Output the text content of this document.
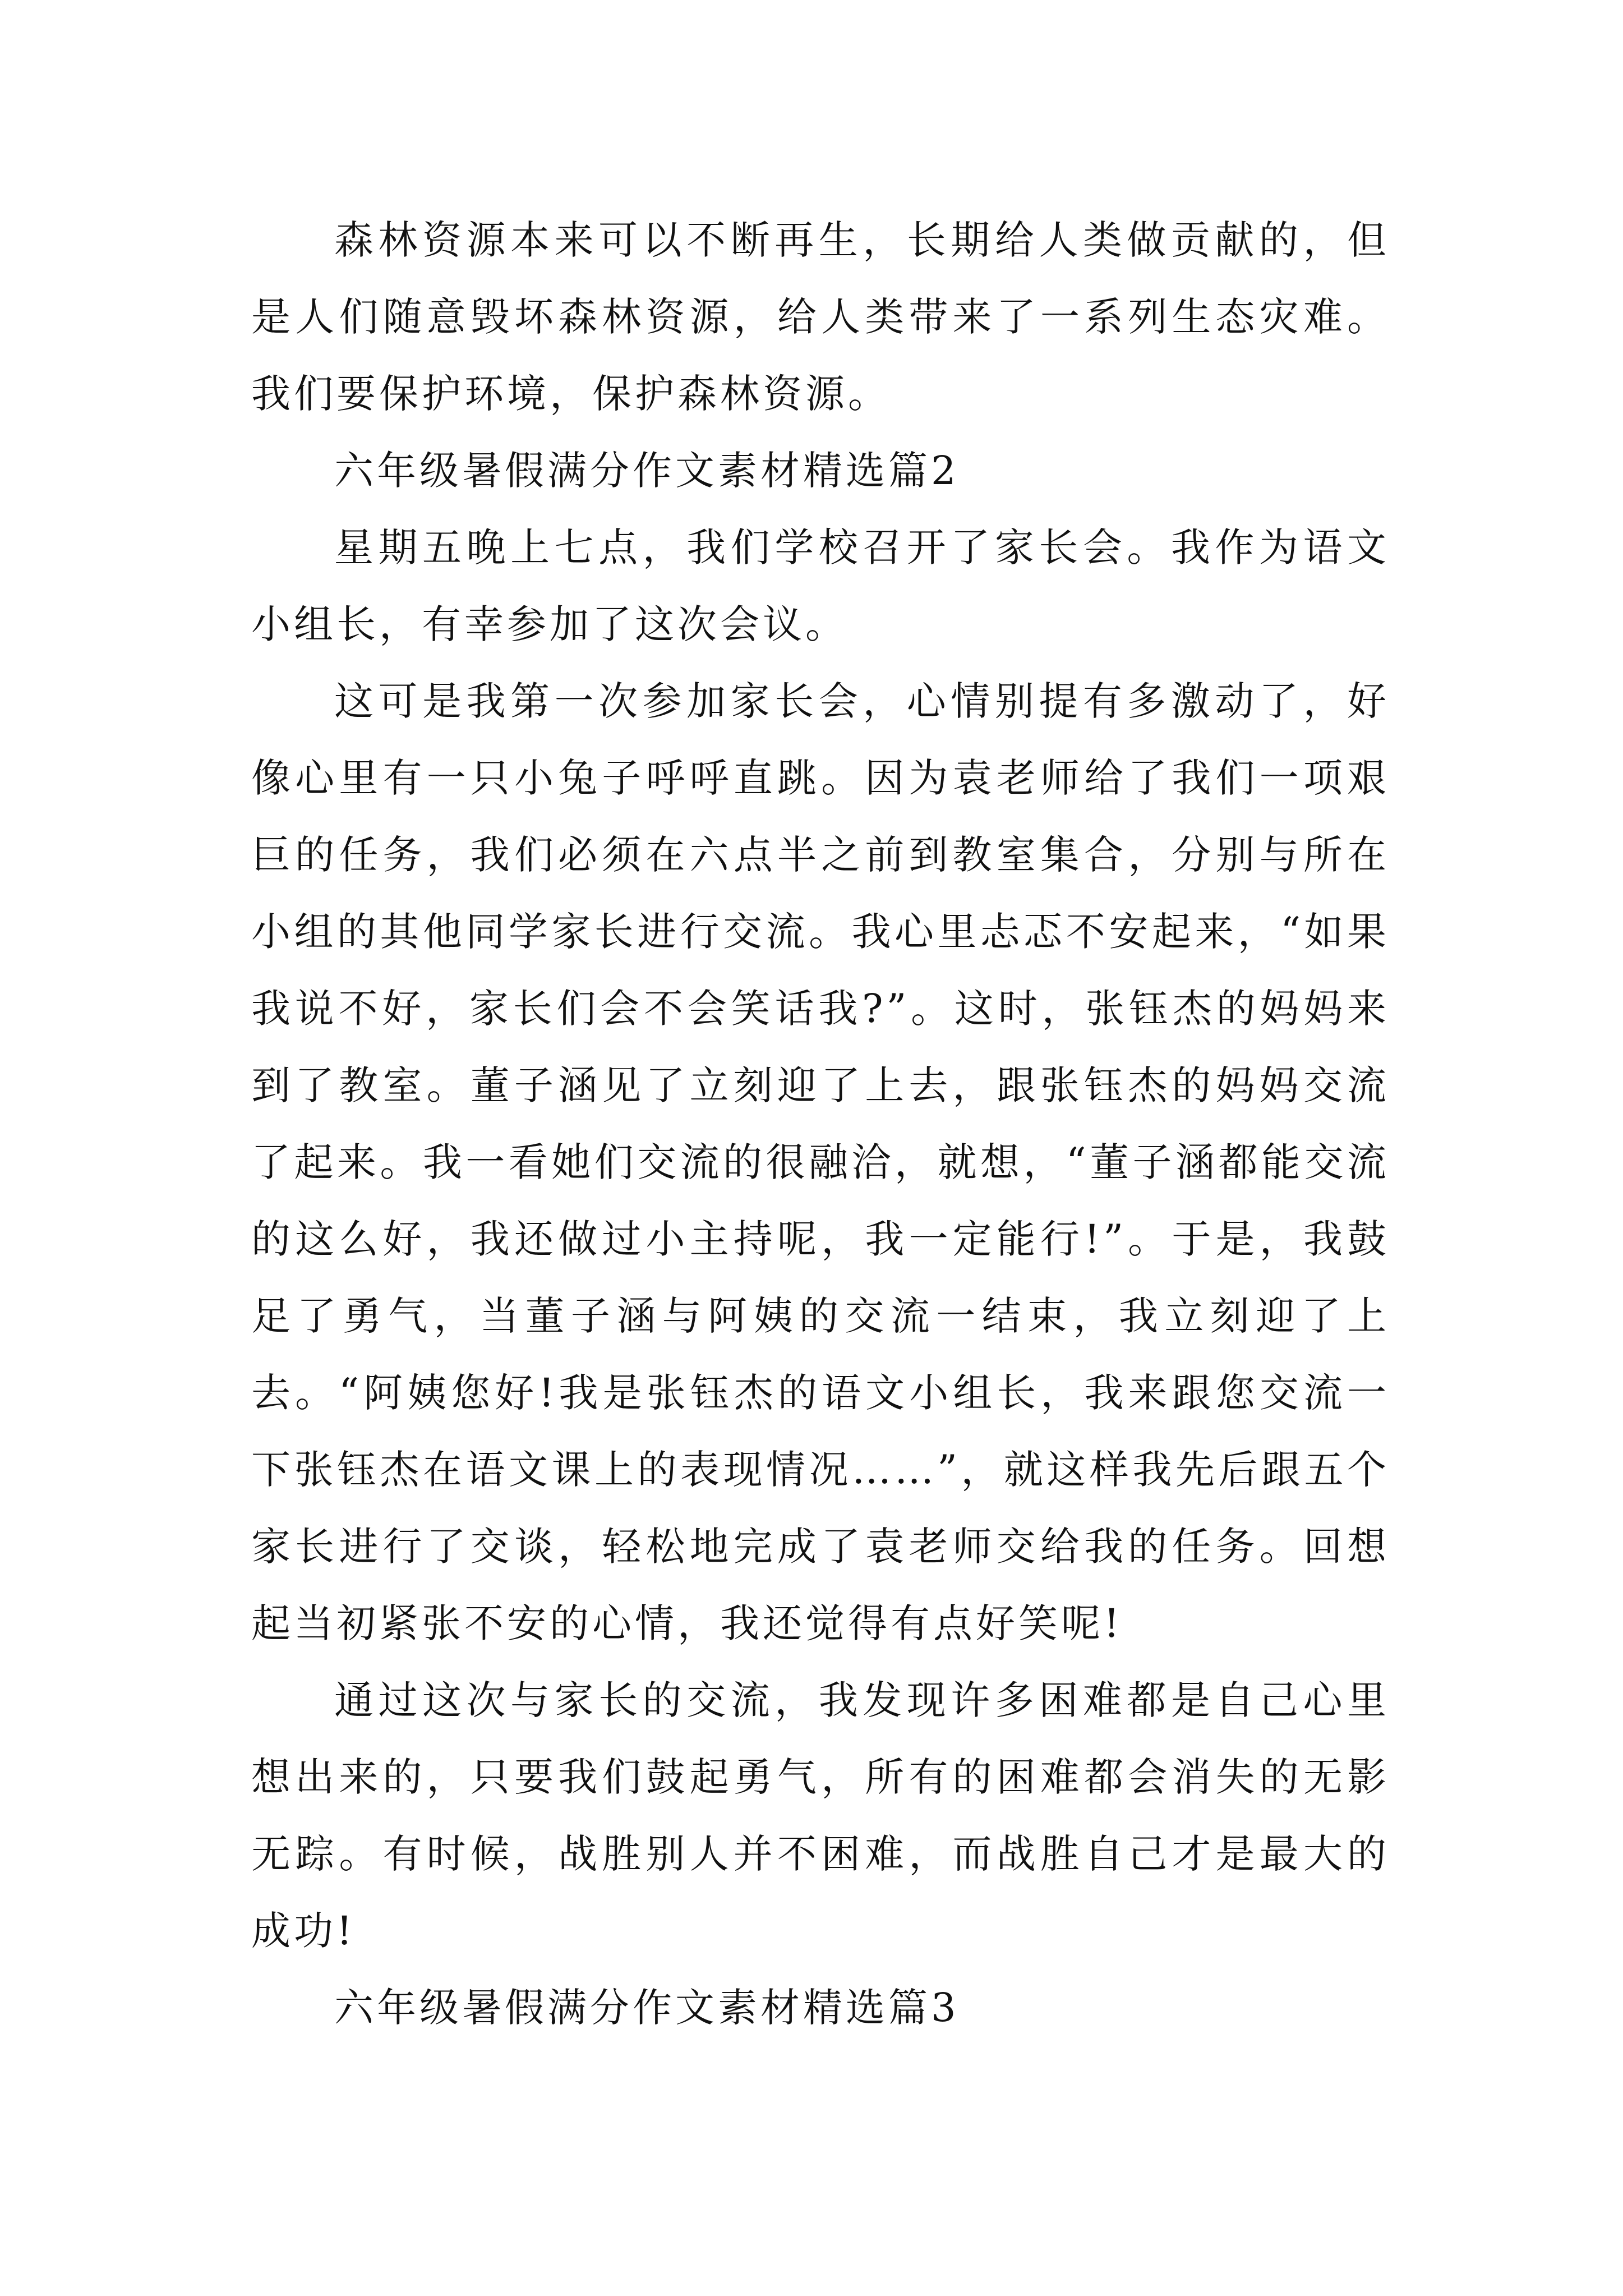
森林资源本来可以不断再生，长期给人类做贡献的，但是人们随意毁坏森林资源，给人类带来了一系列生态灾难。我们要保护环境，保护森林资源。

六年级暑假满分作文素材精选篇2

星期五晚上七点，我们学校召开了家长会。我作为语文小组长，有幸参加了这次会议。

这可是我第一次参加家长会，心情别提有多激动了，好像心里有一只小兔子呼呼直跳。因为袁老师给了我们一项艰巨的任务，我们必须在六点半之前到教室集合，分别与所在小组的其他同学家长进行交流。我心里忐忑不安起来，“如果我说不好，家长们会不会笑话我?”。这时，张钰杰的妈妈来到了教室。董子涵见了立刻迎了上去，跟张钰杰的妈妈交流了起来。我一看她们交流的很融洽，就想，“董子涵都能交流的这么好，我还做过小主持呢，我一定能行!”。于是，我鼓足了勇气，当董子涵与阿姨的交流一结束，我立刻迎了上去。“阿姨您好!我是张钰杰的语文小组长，我来跟您交流一下张钰杰在语文课上的表现情况……”，就这样我先后跟五个家长进行了交谈，轻松地完成了袁老师交给我的任务。回想起当初紧张不安的心情，我还觉得有点好笑呢!

通过这次与家长的交流，我发现许多困难都是自己心里想出来的，只要我们鼓起勇气，所有的困难都会消失的无影无踪。有时候，战胜别人并不困难，而战胜自己才是最大的成功!

六年级暑假满分作文素材精选篇3
